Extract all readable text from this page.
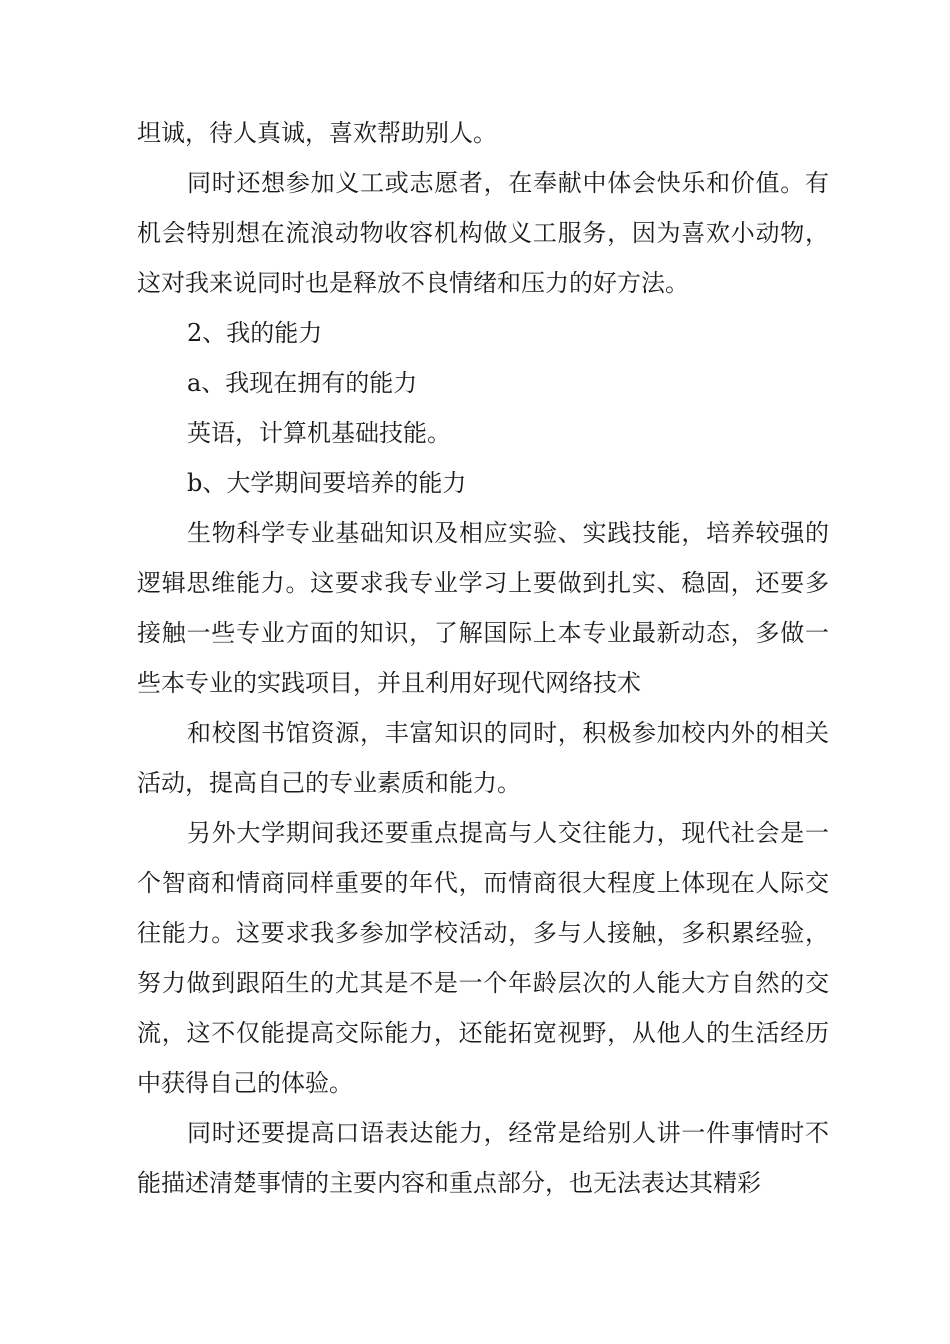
坦诚，待人真诚，喜欢帮助别人。

同时还想参加义工或志愿者，在奉献中体会快乐和价值。有机会特别想在流浪动物收容机构做义工服务，因为喜欢小动物，这对我来说同时也是释放不良情绪和压力的好方法。

2、我的能力

a、我现在拥有的能力

英语，计算机基础技能。

b、大学期间要培养的能力

生物科学专业基础知识及相应实验、实践技能，培养较强的逻辑思维能力。这要求我专业学习上要做到扎实、稳固，还要多接触一些专业方面的知识，了解国际上本专业最新动态，多做一些本专业的实践项目，并且利用好现代网络技术

和校图书馆资源，丰富知识的同时，积极参加校内外的相关活动，提高自己的专业素质和能力。

另外大学期间我还要重点提高与人交往能力，现代社会是一个智商和情商同样重要的年代，而情商很大程度上体现在人际交往能力。这要求我多参加学校活动，多与人接触，多积累经验，努力做到跟陌生的尤其是不是一个年龄层次的人能大方自然的交流，这不仅能提高交际能力，还能拓宽视野，从他人的生活经历中获得自己的体验。

同时还要提高口语表达能力，经常是给别人讲一件事情时不能描述清楚事情的主要内容和重点部分，也无法表达其精彩
